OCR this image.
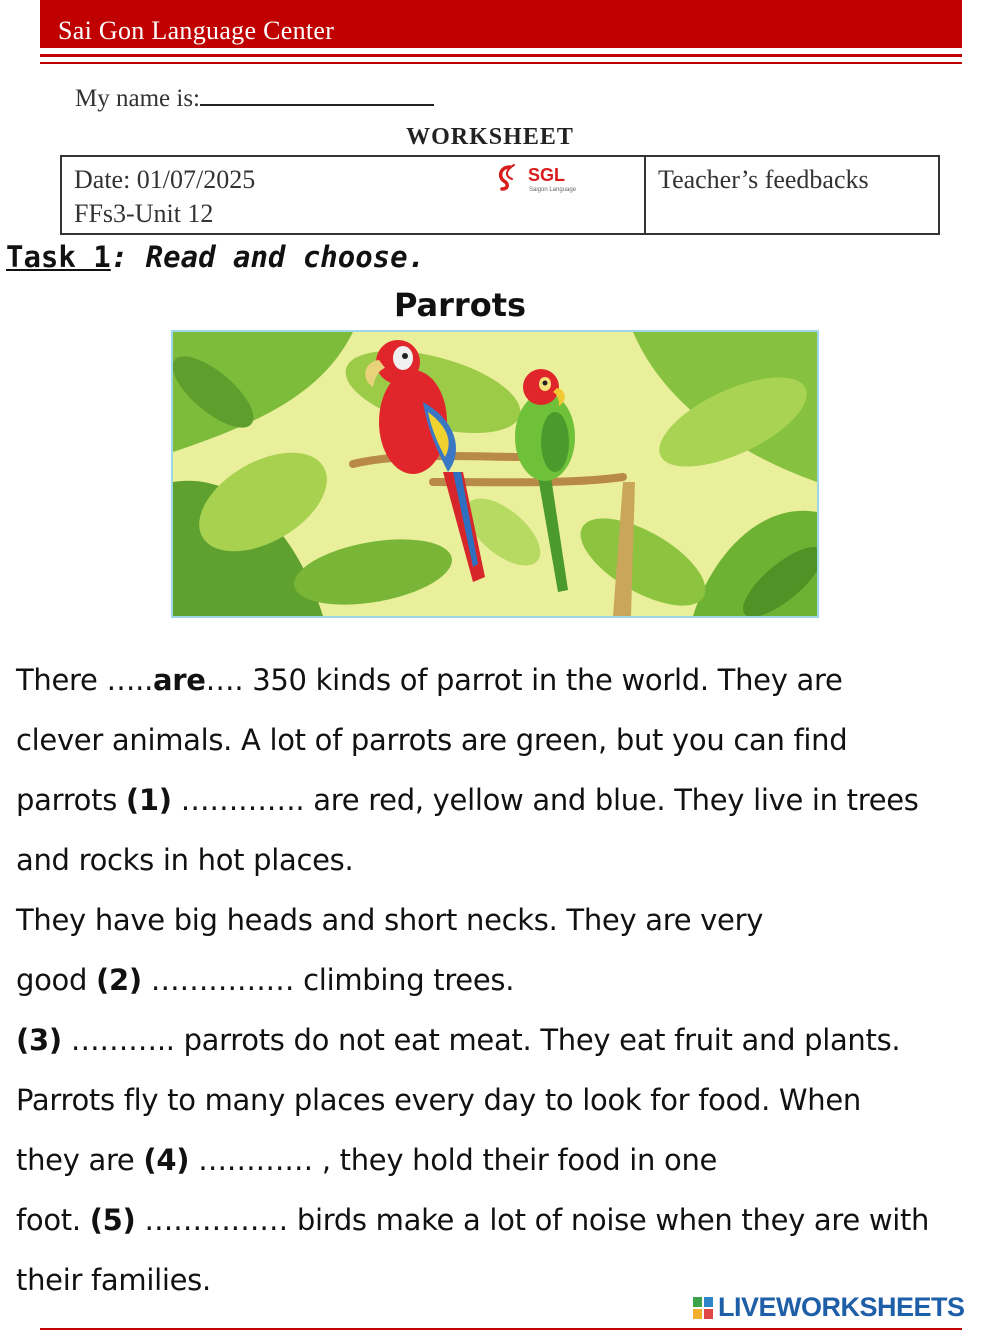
Sai Gon Language Center
My name is:
WORKSHEET
Date: 01/07/2025
FFs3-Unit 12
SGL
Saigon Language	Teacher’s feedbacks
Task 1: Read and choose.
Parrots

There …..are…. 350 kinds of parrot in the world. They are

clever animals. A lot of parrots are green, but you can find

parrots (1) …………. are red, yellow and blue. They live in trees

and rocks in hot places.

They have big heads and short necks. They are very

good (2) …………… climbing trees.

(3) ……….. parrots do not eat meat. They eat fruit and plants.

Parrots fly to many places every day to look for food. When

they are (4) ………… , they hold their food in one

foot. (5) …………… birds make a lot of noise when they are with

their families.

LIVEWORKSHEETS
